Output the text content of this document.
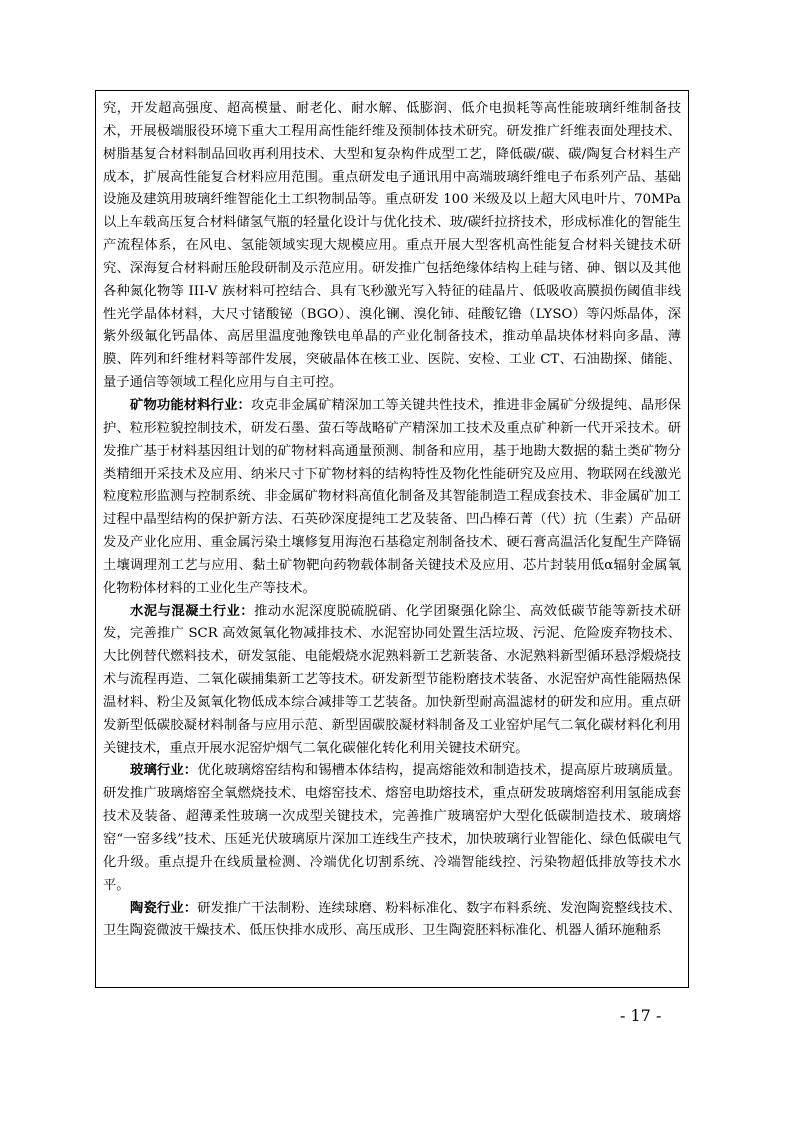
究，开发超高强度、超高模量、耐老化、耐水解、低膨润、低介电损耗等高性能玻璃纤维制备技术，开展极端服役环境下重大工程用高性能纤维及预制体技术研究。研发推广纤维表面处理技术、树脂基复合材料制品回收再利用技术、大型和复杂构件成型工艺，降低碳/碳、碳/陶复合材料生产成本，扩展高性能复合材料应用范围。重点研发电子通讯用中高端玻璃纤维电子布系列产品、基础设施及建筑用玻璃纤维智能化土工织物制品等。重点研发 100 米级及以上超大风电叶片、70MPa 以上车载高压复合材料储氢气瓶的轻量化设计与优化技术、玻/碳纤拉挤技术，形成标准化的智能生产流程体系，在风电、氢能领域实现大规模应用。重点开展大型客机高性能复合材料关键技术研究、深海复合材料耐压舱段研制及示范应用。研发推广包括绝缘体结构上硅与锗、砷、铟以及其他各种氮化物等 III-V 族材料可控结合、具有飞秒激光写入特征的硅晶片、低吸收高膜损伤阈值非线性光学晶体材料，大尺寸锗酸铋（BGO）、溴化镧、溴化铈、硅酸钇镥（LYSO）等闪烁晶体，深紫外级氟化钙晶体、高居里温度弛豫铁电单晶的产业化制备技术，推动单晶块体材料向多晶、薄膜、阵列和纤维材料等部件发展，突破晶体在核工业、医院、安检、工业 CT、石油勘探、储能、量子通信等领域工程化应用与自主可控。

矿物功能材料行业：攻克非金属矿精深加工等关键共性技术，推进非金属矿分级提纯、晶形保护、粒形粒貌控制技术，研发石墨、萤石等战略矿产精深加工技术及重点矿种新一代开采技术。研发推广基于材料基因组计划的矿物材料高通量预测、制备和应用，基于地勘大数据的黏土类矿物分类精细开采技术及应用、纳米尺寸下矿物材料的结构特性及物化性能研究及应用、物联网在线激光粒度粒形监测与控制系统、非金属矿物材料高值化制备及其智能制造工程成套技术、非金属矿加工过程中晶型结构的保护新方法、石英砂深度提纯工艺及装备、凹凸棒石菁（代）抗（生素）产品研发及产业化应用、重金属污染土壤修复用海泡石基稳定剂制备技术、硬石膏高温活化复配生产降镉土壤调理剂工艺与应用、黏土矿物靶向药物载体制备关键技术及应用、芯片封装用低α辐射金属氧化物粉体材料的工业化生产等技术。

水泥与混凝土行业：推动水泥深度脱硫脱硝、化学团聚强化除尘、高效低碳节能等新技术研发，完善推广 SCR 高效氮氧化物减排技术、水泥窑协同处置生活垃圾、污泥、危险废弃物技术、大比例替代燃料技术，研发氢能、电能煅烧水泥熟料新工艺新装备、水泥熟料新型循环悬浮煅烧技术与流程再造、二氧化碳捕集新工艺等技术。研发新型节能粉磨技术装备、水泥窑炉高性能隔热保温材料、粉尘及氮氧化物低成本综合减排等工艺装备。加快新型耐高温滤材的研发和应用。重点研发新型低碳胶凝材料制备与应用示范、新型固碳胶凝材料制备及工业窑炉尾气二氧化碳材料化利用关键技术，重点开展水泥窑炉烟气二氧化碳催化转化利用关键技术研究。

玻璃行业：优化玻璃熔窑结构和锡槽本体结构，提高熔能效和制造技术，提高原片玻璃质量。研发推广玻璃熔窑全氧燃烧技术、电熔窑技术、熔窑电助熔技术，重点研发玻璃熔窑利用氢能成套技术及装备、超薄柔性玻璃一次成型关键技术，完善推广玻璃窑炉大型化低碳制造技术、玻璃熔窑“一窑多线”技术、压延光伏玻璃原片深加工连线生产技术，加快玻璃行业智能化、绿色低碳电气化升级。重点提升在线质量检测、冷端优化切割系统、冷端智能线控、污染物超低排放等技术水平。

陶瓷行业：研发推广干法制粉、连续球磨、粉料标准化、数字布料系统、发泡陶瓷整线技术、卫生陶瓷微波干燥技术、低压快排水成形、高压成形、卫生陶瓷胚料标准化、机器人循环施釉系

- 17 -
